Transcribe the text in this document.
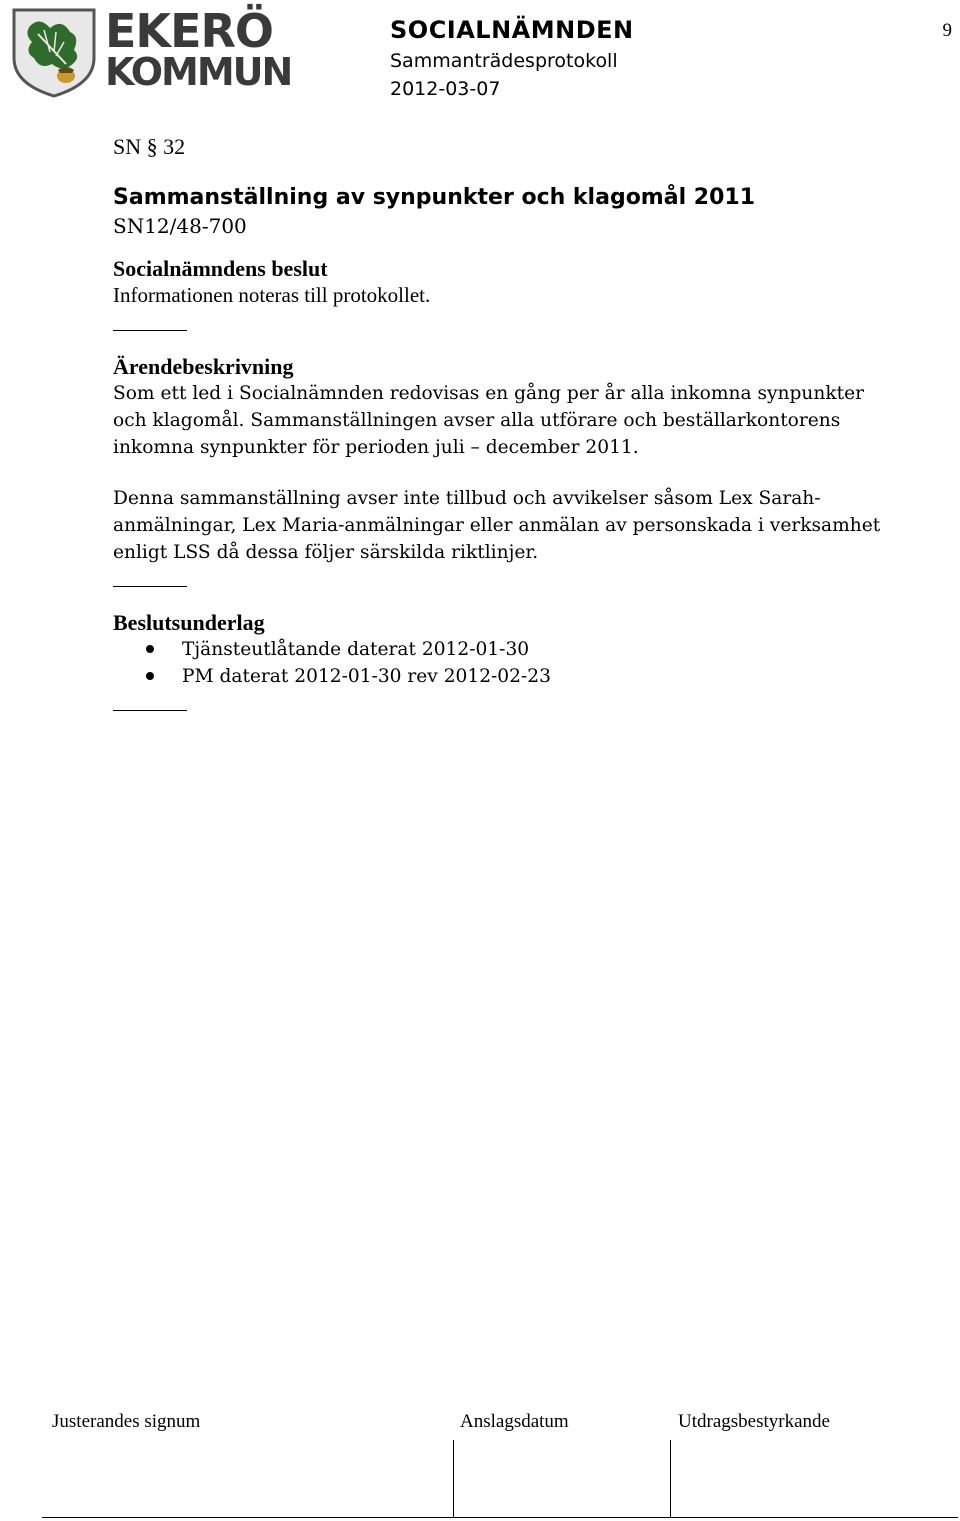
EKERÖ
KOMMUN
SOCIALNÄMNDEN
Sammanträdesprotokoll
2012-03-07
9

SN § 32

Sammanställning av synpunkter och klagomål 2011

SN12/48-700

Socialnämndens beslut

Informationen noteras till protokollet.

Ärendebeskrivning

Som ett led i Socialnämnden redovisas en gång per år alla inkomna synpunkter

och klagomål. Sammanställningen avser alla utförare och beställarkontorens

inkomna synpunkter för perioden juli – december 2011.

Denna sammanställning avser inte tillbud och avvikelser såsom Lex Sarah-

anmälningar, Lex Maria-anmälningar eller anmälan av personskada i verksamhet

enligt LSS då dessa följer särskilda riktlinjer.

Beslutsunderlag

Tjänsteutlåtande daterat 2012-01-30
PM daterat 2012-01-30 rev 2012-02-23
Justerandes signum	Anslagsdatum	Utdragsbestyrkande
